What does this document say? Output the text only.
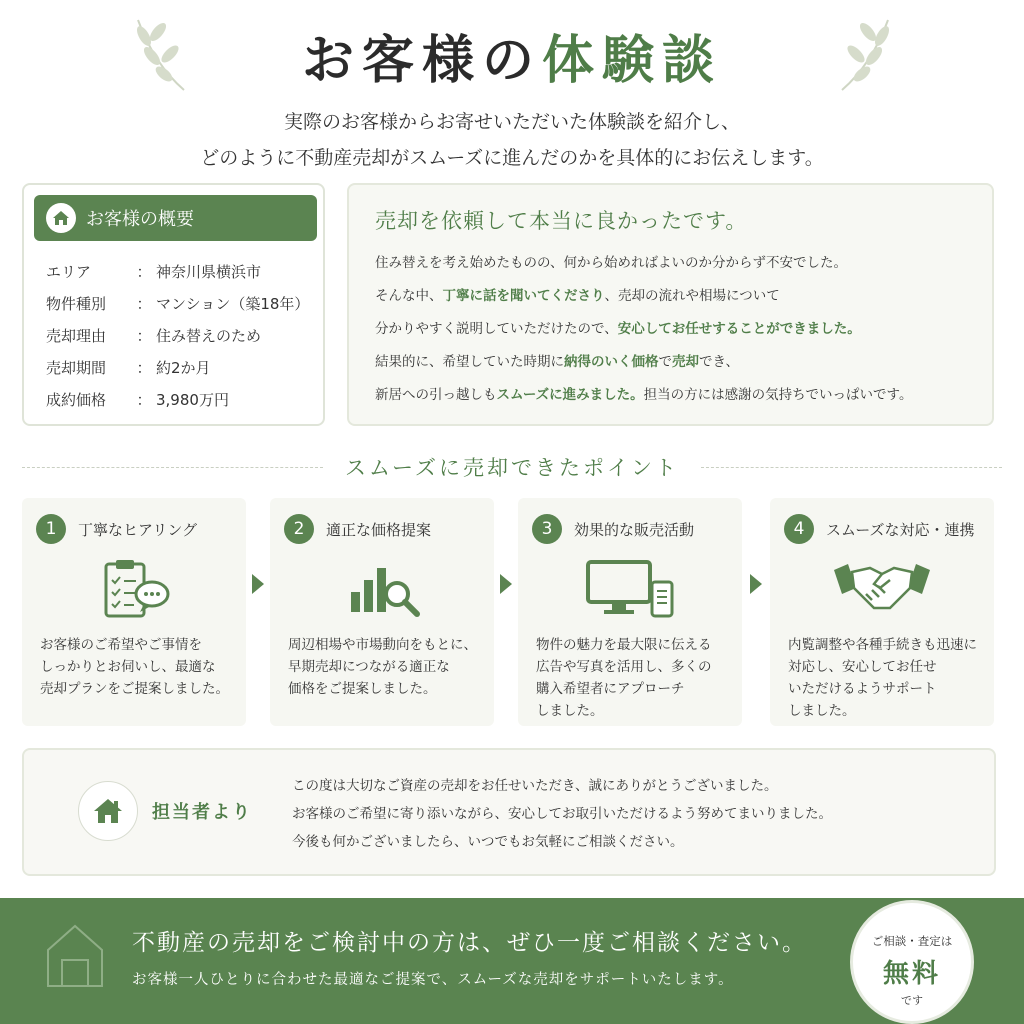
お客様の体験談
実際のお客様からお寄せいただいた体験談を紹介し、
どのように不動産売却がスムーズに進んだのかを具体的にお伝えします。
お客様の概要
エリア	： 神奈川県横浜市
物件種別	： マンション（築18年）
売却理由	： 住み替えのため
売却期間	： 約2か月
成約価格	： 3,980万円
売却を依頼して本当に良かったです。
住み替えを考え始めたものの、何から始めればよいのか分からず不安でした。
そんな中、丁寧に話を聞いてくださり、売却の流れや相場について
分かりやすく説明していただけたので、安心してお任せすることができました。
結果的に、希望していた時期に納得のいく価格で売却でき、
新居への引っ越しもスムーズに進みました。担当の方には感謝の気持ちでいっぱいです。
スムーズに売却できたポイント
1	丁寧なヒアリング
お客様のご希望やご事情を
しっかりとお伺いし、最適な
売却プランをご提案しました。
2	適正な価格提案
周辺相場や市場動向をもとに、
早期売却につながる適正な
価格をご提案しました。
3	効果的な販売活動
物件の魅力を最大限に伝える
広告や写真を活用し、多くの
購入希望者にアプローチ
しました。
4	スムーズな対応・連携
内覧調整や各種手続きも迅速に
対応し、安心してお任せ
いただけるようサポート
しました。
担当者より
この度は大切なご資産の売却をお任せいただき、誠にありがとうございました。
お客様のご希望に寄り添いながら、安心してお取引いただけるよう努めてまいりました。
今後も何かございましたら、いつでもお気軽にご相談ください。
不動産の売却をご検討中の方は、ぜひ一度ご相談ください。
お客様一人ひとりに合わせた最適なご提案で、スムーズな売却をサポートいたします。
ご相談・査定は
無料
です
